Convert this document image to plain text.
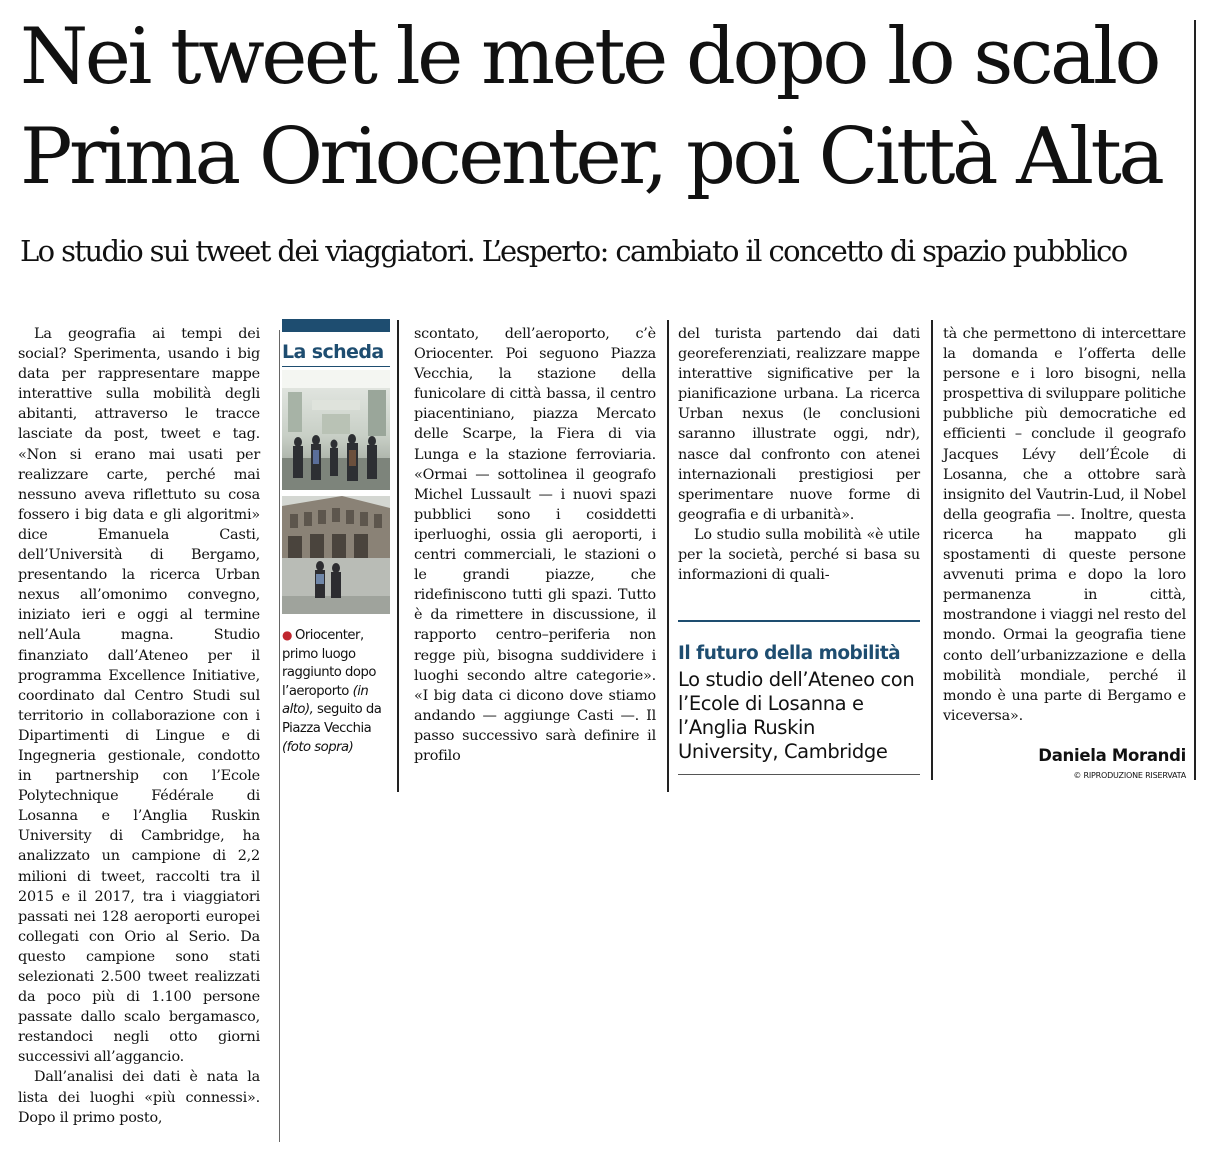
Nei tweet le mete dopo lo scalo
Prima Oriocenter, poi Città Alta
Lo studio sui tweet dei viaggiatori. L’esperto: cambiato il concetto di spazio pubblico

La geografia ai tempi dei social? Sperimenta, usando i big data per rappresentare mappe interattive sulla mobilità degli abitanti, attraverso le tracce lasciate da post, tweet e tag. «Non si erano mai usati per realizzare carte, perché mai nessuno aveva riflettuto su cosa fossero i big data e gli algoritmi» dice Emanuela Casti, dell’Università di Bergamo, presentando la ricerca Urban nexus all’omonimo convegno, iniziato ieri e oggi al termine nell’Aula magna. Studio finanziato dall’Ateneo per il programma Excellence Initiative, coordinato dal Centro Studi sul territorio in collaborazione con i Dipartimenti di Lingue e di Ingegneria gestionale, condotto in partnership con l’Ecole Polytechnique Fédérale di Losanna e l’Anglia Ruskin University di Cambridge, ha analizzato un campione di 2,2 milioni di tweet, raccolti tra il 2015 e il 2017, tra i viaggiatori passati nei 128 aeroporti europei collegati con Orio al Serio. Da questo campione sono stati selezionati 2.500 tweet realizzati da poco più di 1.100 persone passate dallo scalo bergamasco, restandoci negli otto giorni successivi all’aggancio.

Dall’analisi dei dati è nata la lista dei luoghi «più connessi». Dopo il primo posto,

La scheda
● Oriocenter, primo luogo raggiunto dopo l’aeroporto (in alto), seguito da Piazza Vecchia (foto sopra)

scontato, dell’aeroporto, c’è Oriocenter. Poi seguono Piazza Vecchia, la stazione della funicolare di città bassa, il centro piacentiniano, piazza Mercato delle Scarpe, la Fiera di via Lunga e la stazione ferroviaria. «Ormai — sottolinea il geografo Michel Lussault — i nuovi spazi pubblici sono i cosiddetti iperluoghi, ossia gli aeroporti, i centri commerciali, le stazioni o le grandi piazze, che ridefiniscono tutti gli spazi. Tutto è da rimettere in discussione, il rapporto centro–periferia non regge più, bisogna suddividere i luoghi secondo altre categorie». «I big data ci dicono dove stiamo andando — aggiunge Casti —. Il passo successivo sarà definire il profilo

del turista partendo dai dati georeferenziati, realizzare mappe interattive significative per la pianificazione urbana. La ricerca Urban nexus (le conclusioni saranno illustrate oggi, ndr), nasce dal confronto con atenei internazionali prestigiosi per sperimentare nuove forme di geografia e di urbanità».

Lo studio sulla mobilità «è utile per la società, perché si basa su informazioni di quali-

Il futuro della mobilità
Lo studio dell’Ateneo con l’Ecole di Losanna e l’Anglia Ruskin University, Cambridge

tà che permettono di intercettare la domanda e l’offerta delle persone e i loro bisogni, nella prospettiva di sviluppare politiche pubbliche più democratiche ed efficienti – conclude il geografo Jacques Lévy dell’École di Losanna, che a ottobre sarà insignito del Vautrin-Lud, il Nobel della geografia —. Inoltre, questa ricerca ha mappato gli spostamenti di queste persone avvenuti prima e dopo la loro permanenza in città, mostrandone i viaggi nel resto del mondo. Ormai la geografia tiene conto dell’urbanizzazione e della mobilità mondiale, perché il mondo è una parte di Bergamo e viceversa».

Daniela Morandi
© RIPRODUZIONE RISERVATA
